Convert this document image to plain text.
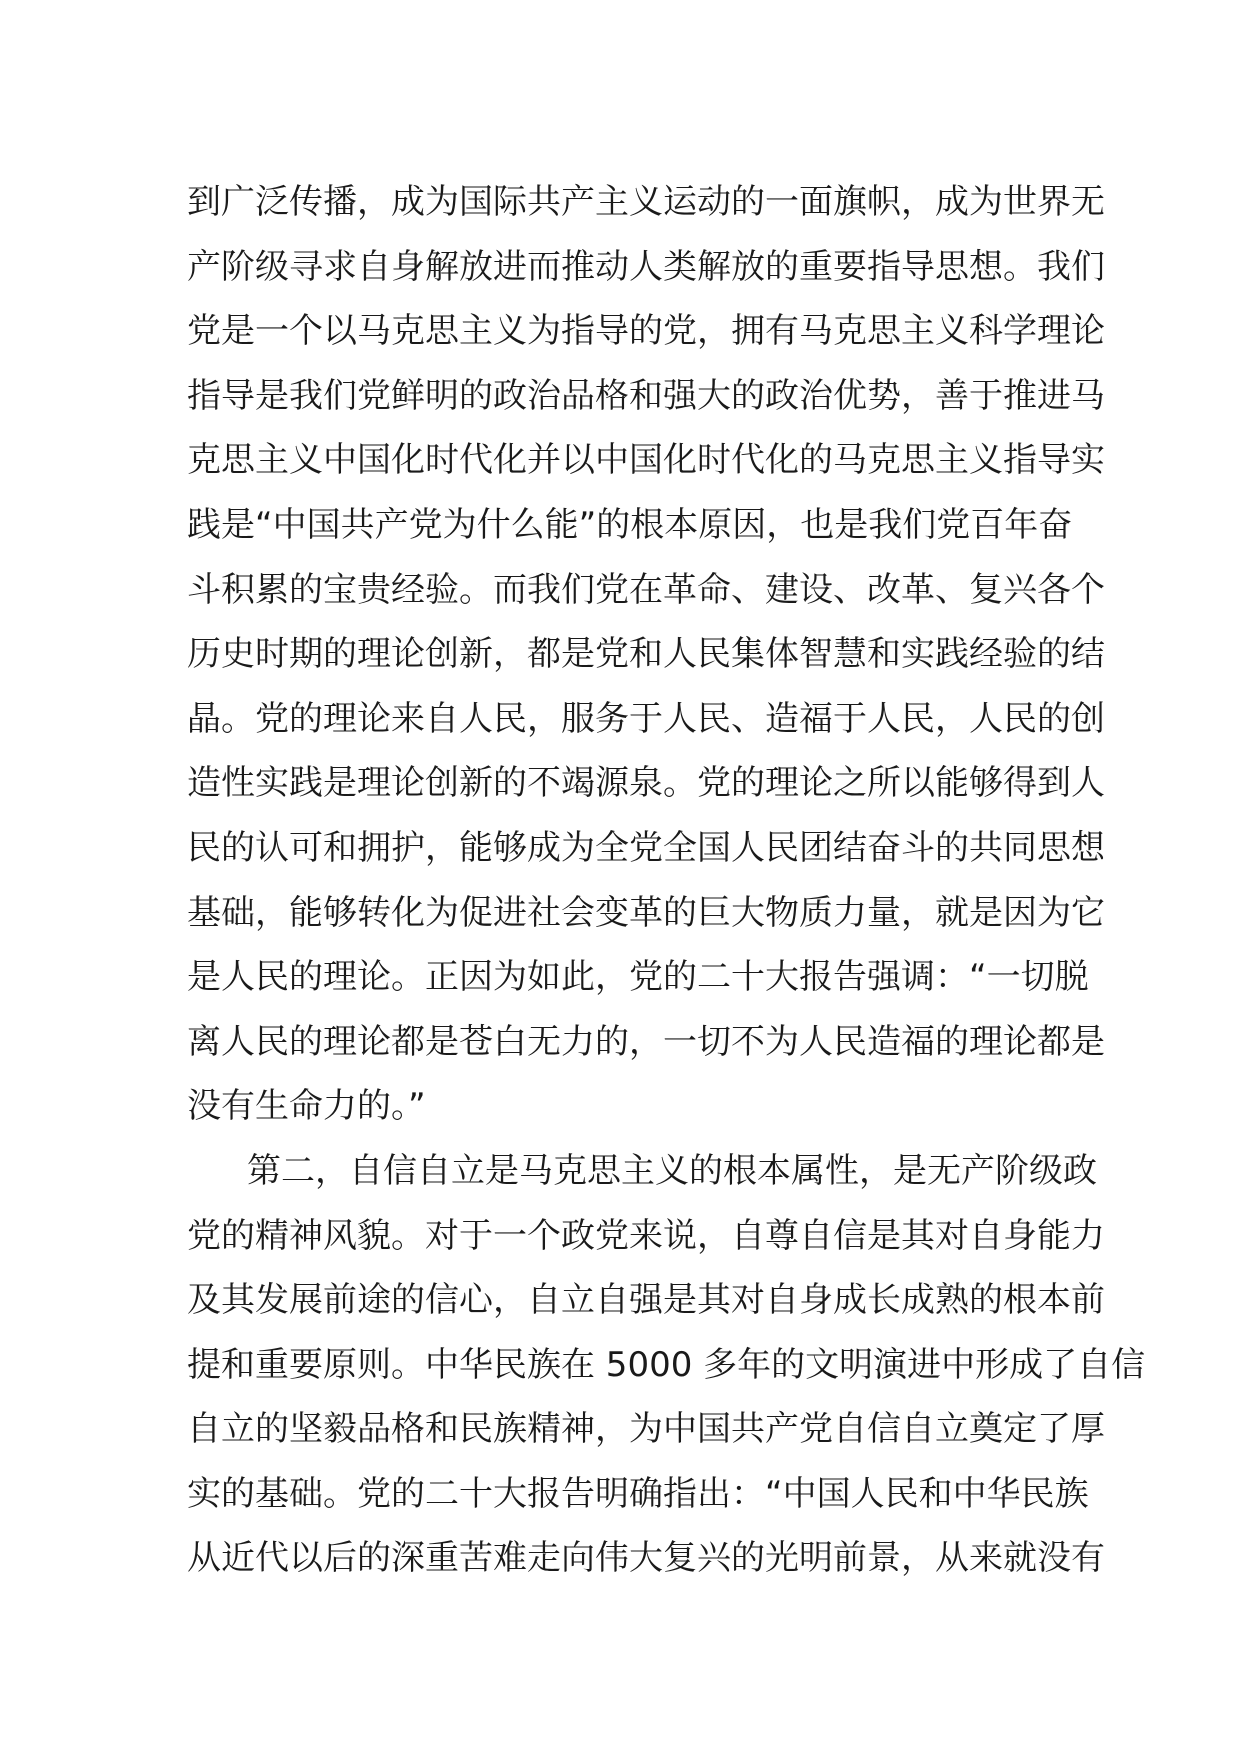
到广泛传播，成为国际共产主义运动的一面旗帜，成为世界无
产阶级寻求自身解放进而推动人类解放的重要指导思想。我们
党是一个以马克思主义为指导的党，拥有马克思主义科学理论
指导是我们党鲜明的政治品格和强大的政治优势，善于推进马
克思主义中国化时代化并以中国化时代化的马克思主义指导实
践是“中国共产党为什么能”的根本原因，也是我们党百年奋
斗积累的宝贵经验。而我们党在革命、建设、改革、复兴各个
历史时期的理论创新，都是党和人民集体智慧和实践经验的结
晶。党的理论来自人民，服务于人民、造福于人民，人民的创
造性实践是理论创新的不竭源泉。党的理论之所以能够得到人
民的认可和拥护，能够成为全党全国人民团结奋斗的共同思想
基础，能够转化为促进社会变革的巨大物质力量，就是因为它
是人民的理论。正因为如此，党的二十大报告强调：“一切脱
离人民的理论都是苍白无力的，一切不为人民造福的理论都是
没有生命力的。”
第二，自信自立是马克思主义的根本属性，是无产阶级政
党的精神风貌。对于一个政党来说，自尊自信是其对自身能力
及其发展前途的信心，自立自强是其对自身成长成熟的根本前
提和重要原则。中华民族在 5000 多年的文明演进中形成了自信
自立的坚毅品格和民族精神，为中国共产党自信自立奠定了厚
实的基础。党的二十大报告明确指出：“中国人民和中华民族
从近代以后的深重苦难走向伟大复兴的光明前景，从来就没有
